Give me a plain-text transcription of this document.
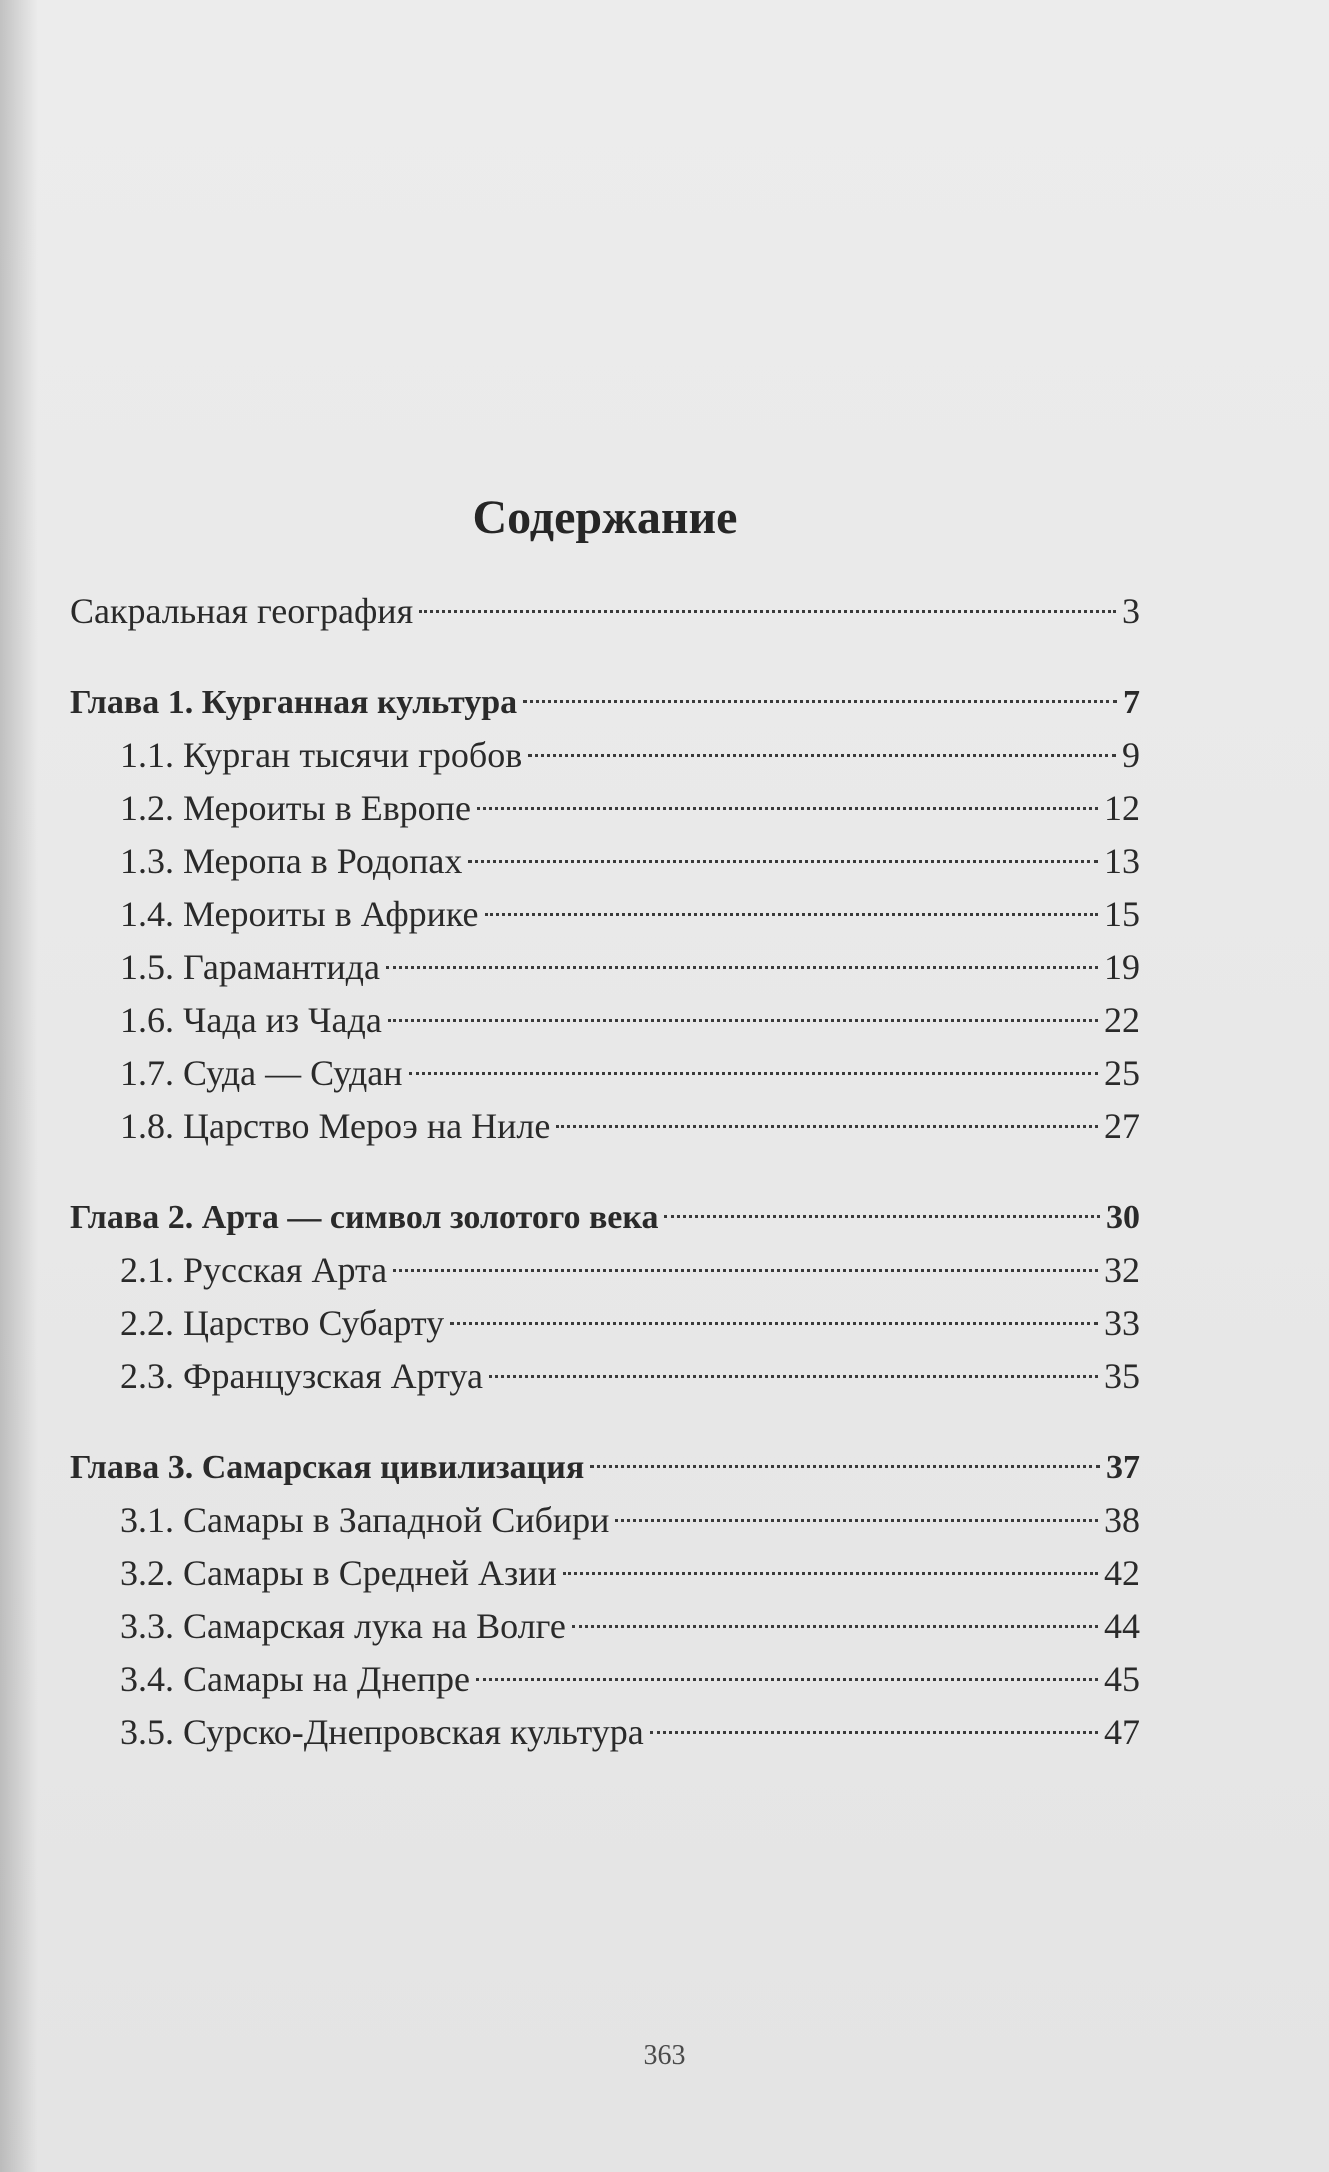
Содержание
Сакральная география	3
Глава 1. Курганная культура	7
1.1. Курган тысячи гробов	9
1.2. Мероиты в Европе	12
1.3. Меропа в Родопах	13
1.4. Мероиты в Африке	15
1.5. Гарамантида	19
1.6. Чада из Чада	22
1.7. Суда — Судан	25
1.8. Царство Мероэ на Ниле	27
Глава 2. Арта — символ золотого века	30
2.1. Русская Арта	32
2.2. Царство Субарту	33
2.3. Французская Артуа	35
Глава 3. Самарская цивилизация	37
3.1. Самары в Западной Сибири	38
3.2. Самары в Средней Азии	42
3.3. Самарская лука на Волге	44
3.4. Самары на Днепре	45
3.5. Сурско-Днепровская культура	47
363
